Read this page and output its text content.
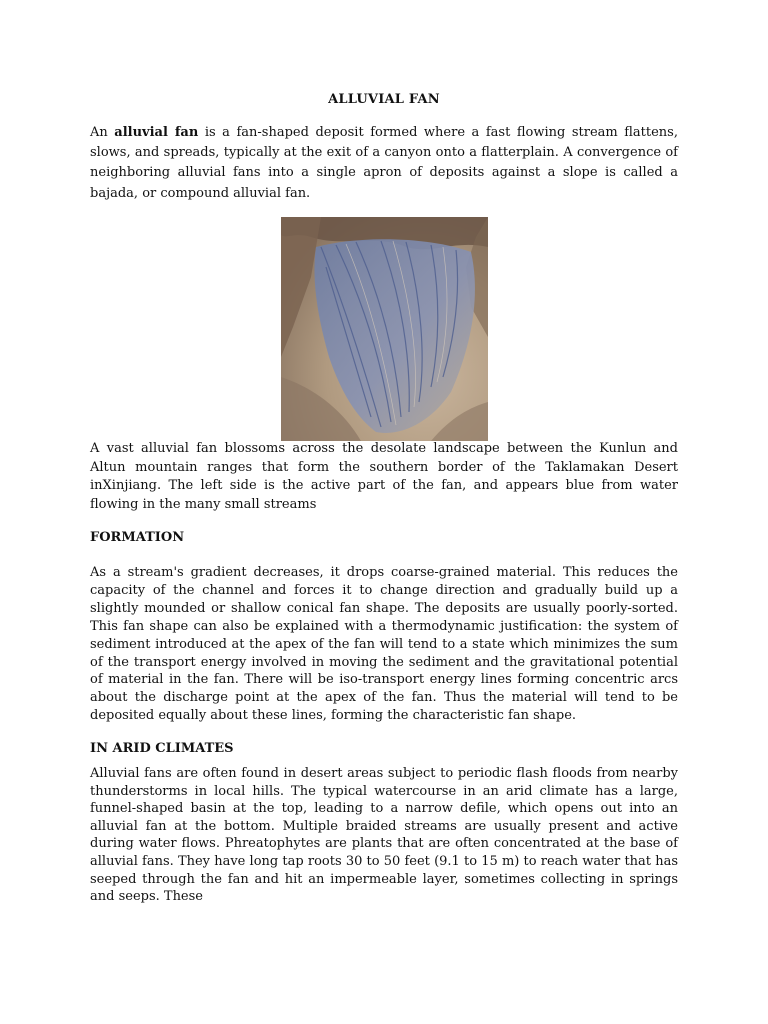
ALLUVIAL FAN

An alluvial fan is a fan-shaped deposit formed where a fast flowing stream flattens, slows, and spreads, typically at the exit of a canyon onto a flatterplain. A convergence of neighboring alluvial fans into a single apron of deposits against a slope is called a bajada, or compound alluvial fan.

A vast alluvial fan blossoms across the desolate landscape between the Kunlun and Altun mountain ranges that form the southern border of the Taklamakan Desert inXinjiang. The left side is the active part of the fan, and appears blue from water flowing in the many small streams

FORMATION

As a stream's gradient decreases, it drops coarse-grained material. This reduces the capacity of the channel and forces it to change direction and gradually build up a slightly mounded or shallow conical fan shape. The deposits are usually poorly-sorted. This fan shape can also be explained with a thermodynamic justification: the system of sediment introduced at the apex of the fan will tend to a state which minimizes the sum of the transport energy involved in moving the sediment and the gravitational potential of material in the fan. There will be iso-transport energy lines forming concentric arcs about the discharge point at the apex of the fan. Thus the material will tend to be deposited equally about these lines, forming the characteristic fan shape.

IN ARID CLIMATES

Alluvial fans are often found in desert areas subject to periodic flash floods from nearby thunderstorms in local hills. The typical watercourse in an arid climate has a large, funnel-shaped basin at the top, leading to a narrow defile, which opens out into an alluvial fan at the bottom. Multiple braided streams are usually present and active during water flows. Phreatophytes are plants that are often concentrated at the base of alluvial fans. They have long tap roots 30 to 50 feet (9.1 to 15 m) to reach water that has seeped through the fan and hit an impermeable layer, sometimes collecting in springs and seeps. These
